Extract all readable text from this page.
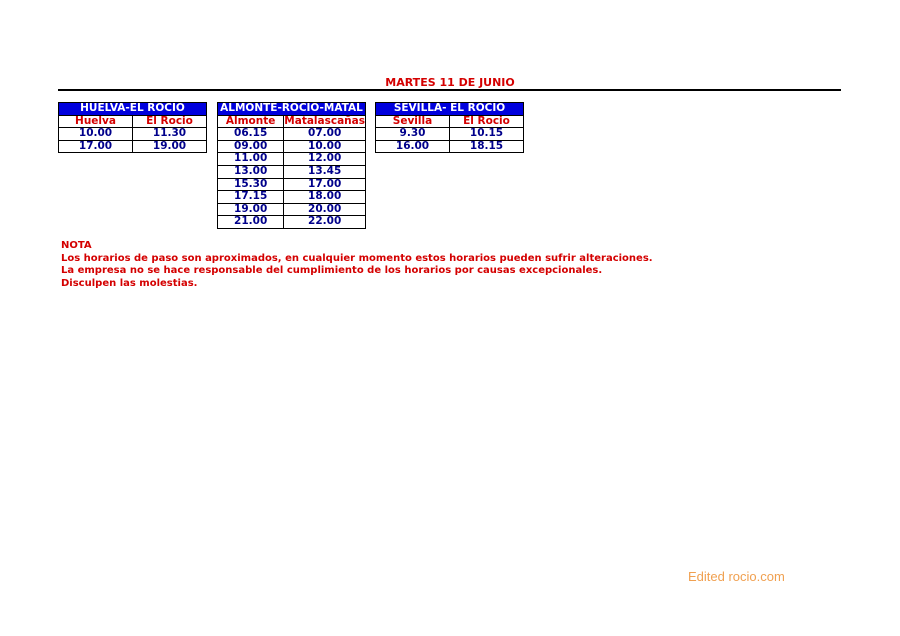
MARTES 11 DE JUNIO
HUELVA-EL ROCIO	
Huelva	El Rocio
10.00	11.30
17.00	19.00
ALMONTE-ROCIO-MATAL	
Almonte	Matalascañas
06.15	07.00
09.00	10.00
11.00	12.00
13.00	13.45
15.30	17.00
17.15	18.00
19.00	20.00
21.00	22.00
SEVILLA- EL ROCIO	
Sevilla	El Rocio
9.30	10.15
16.00	18.15
NOTA
Los horarios de paso son aproximados, en cualquier momento estos horarios pueden sufrir alteraciones.
La empresa no se hace responsable del cumplimiento de los horarios por causas excepcionales.
Disculpen las molestias.
Edited rocio.com
